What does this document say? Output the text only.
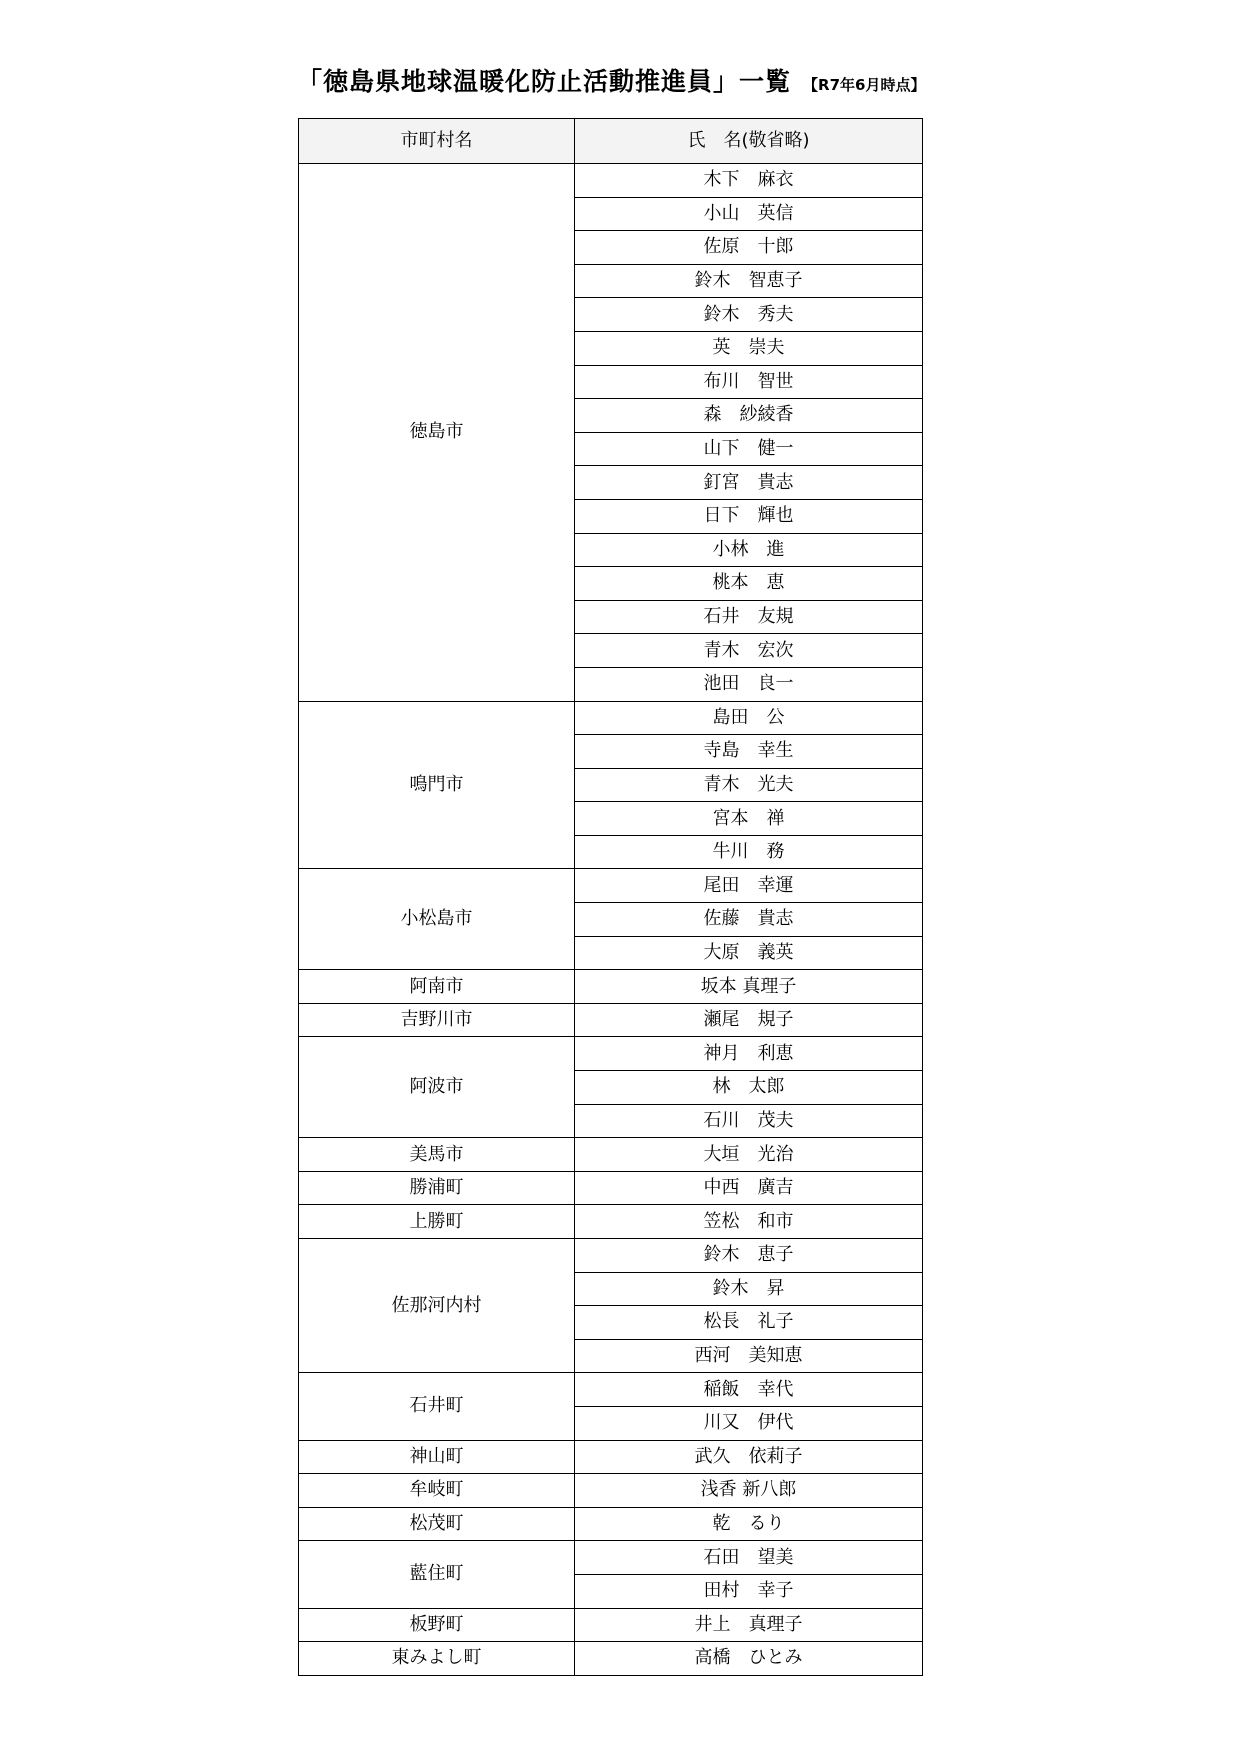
「徳島県地球温暖化防止活動推進員」一覧 【R7年6月時点】
市町村名	氏　名(敬省略)
徳島市	木下　麻衣
	小山　英信
	佐原　十郎
	鈴木　智恵子
	鈴木　秀夫
	英　崇夫
	布川　智世
	森　紗綾香
	山下　健一
	釘宮　貴志
	日下　輝也
	小林　進
	桃本　恵
	石井　友規
	青木　宏次
	池田　良一
鳴門市	島田　公
	寺島　幸生
	青木　光夫
	宮本　禅
	牛川　務
小松島市	尾田　幸運
	佐藤　貴志
	大原　義英
阿南市	坂本 真理子
吉野川市	瀬尾　規子
阿波市	神月　利恵
	林　太郎
	石川　茂夫
美馬市	大垣　光治
勝浦町	中西　廣吉
上勝町	笠松　和市
佐那河内村	鈴木　恵子
	鈴木　昇
	松長　礼子
	西河　美知恵
石井町	稲飯　幸代
	川又　伊代
神山町	武久　依莉子
牟岐町	浅香 新八郎
松茂町	乾　るり
藍住町	石田　望美
	田村　幸子
板野町	井上　真理子
東みよし町	高橋　ひとみ
